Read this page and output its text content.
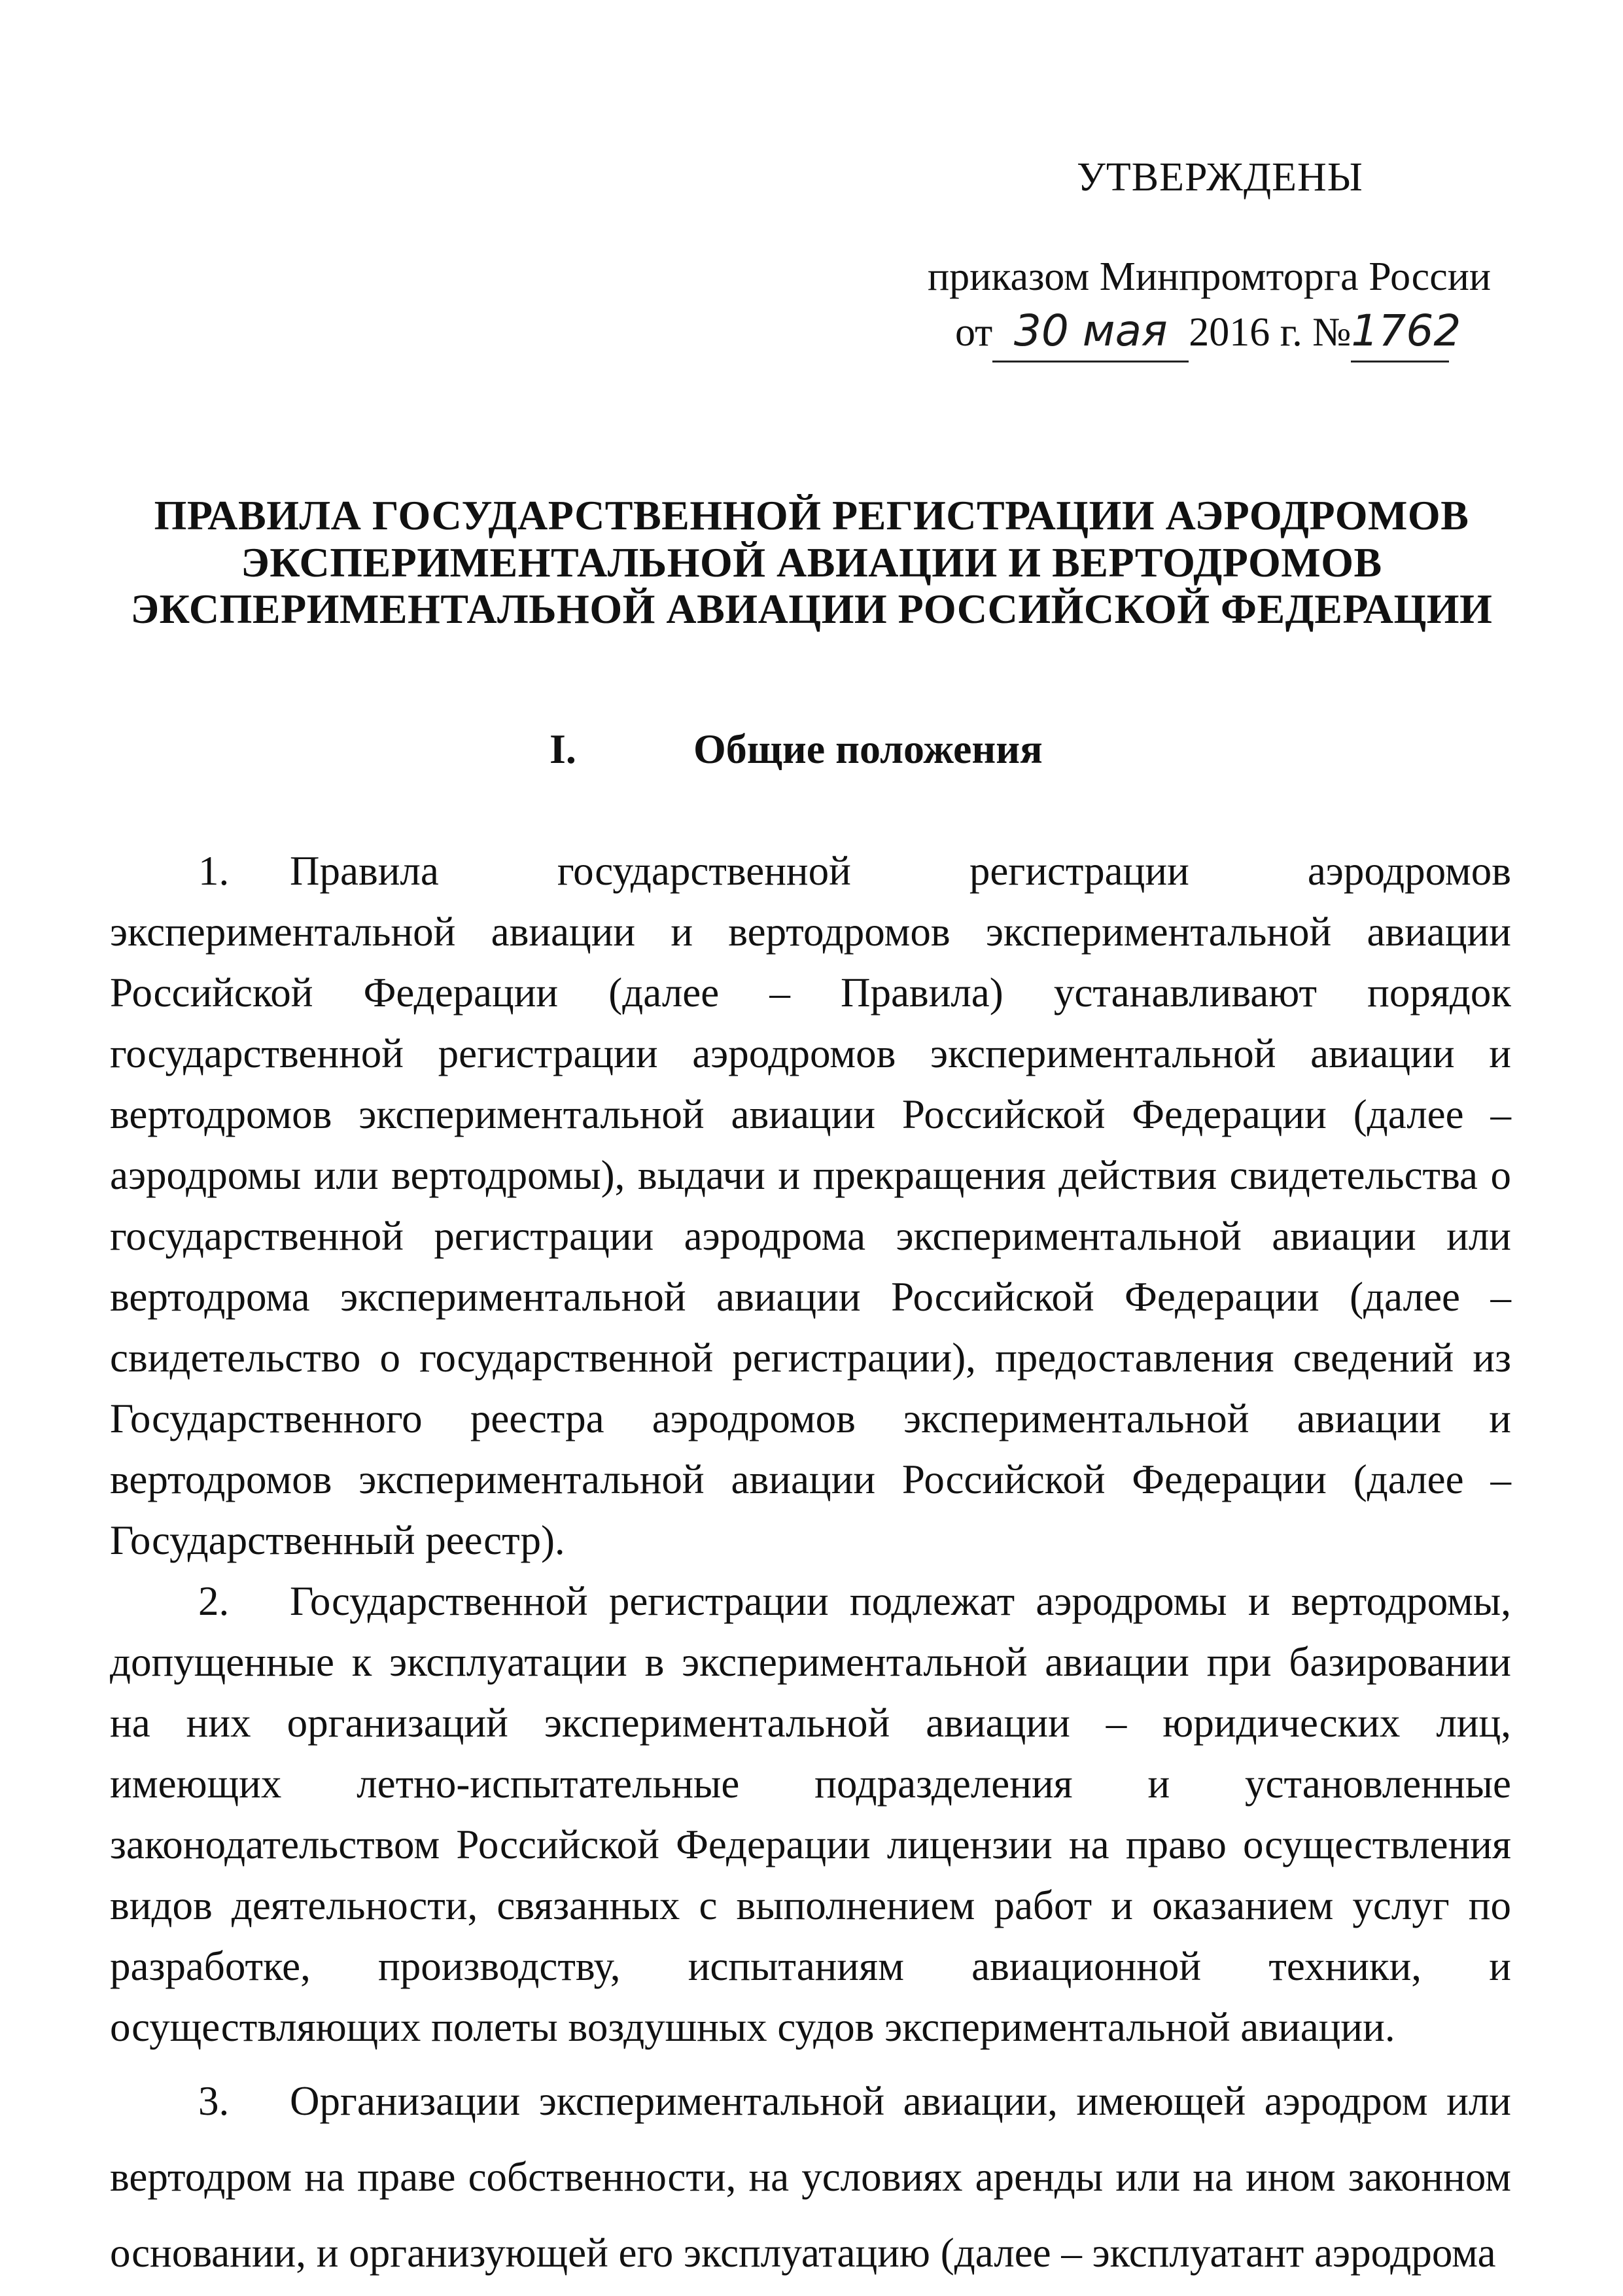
УТВЕРЖДЕНЫ
приказом Минпромторга России
от 30 мая 2016 г. №1762
ПРАВИЛА ГОСУДАРСТВЕННОЙ РЕГИСТРАЦИИ АЭРОДРОМОВ
ЭКСПЕРИМЕНТАЛЬНОЙ АВИАЦИИ И ВЕРТОДРОМОВ
ЭКСПЕРИМЕНТАЛЬНОЙ АВИАЦИИ РОССИЙСКОЙ ФЕДЕРАЦИИ
I.	Общие положения

1. Правила государственной регистрации аэродромов экспериментальной авиации и вертодромов экспериментальной авиации Российской Федерации (далее – Правила) устанавливают порядок государственной регистрации аэродромов экспериментальной авиации и вертодромов экспериментальной авиации Российской Федерации (далее – аэродромы или вертодромы), выдачи и прекращения действия свидетельства о государственной регистрации аэродрома экспериментальной авиации или вертодрома экспериментальной авиации Российской Федерации (далее – свидетельство о государственной регистрации), предоставления сведений из Государственного реестра аэродромов экспериментальной авиации и вертодромов экспериментальной авиации Российской Федерации (далее – Государственный реестр).

2. Государственной регистрации подлежат аэродромы и вертодромы, допущенные к эксплуатации в экспериментальной авиации при базировании на них организаций экспериментальной авиации – юридических лиц, имеющих летно-испытательные подразделения и установленные законодательством Российской Федерации лицензии на право осуществления видов деятельности, связанных с выполнением работ и оказанием услуг по разработке, производству, испытаниям авиационной техники, и осуществляющих полеты воздушных судов экспериментальной авиации.

3. Организации экспериментальной авиации, имеющей аэродром или вертодром на праве собственности, на условиях аренды или на ином законном основании, и организующей его эксплуатацию (далее – эксплуатант аэродрома
